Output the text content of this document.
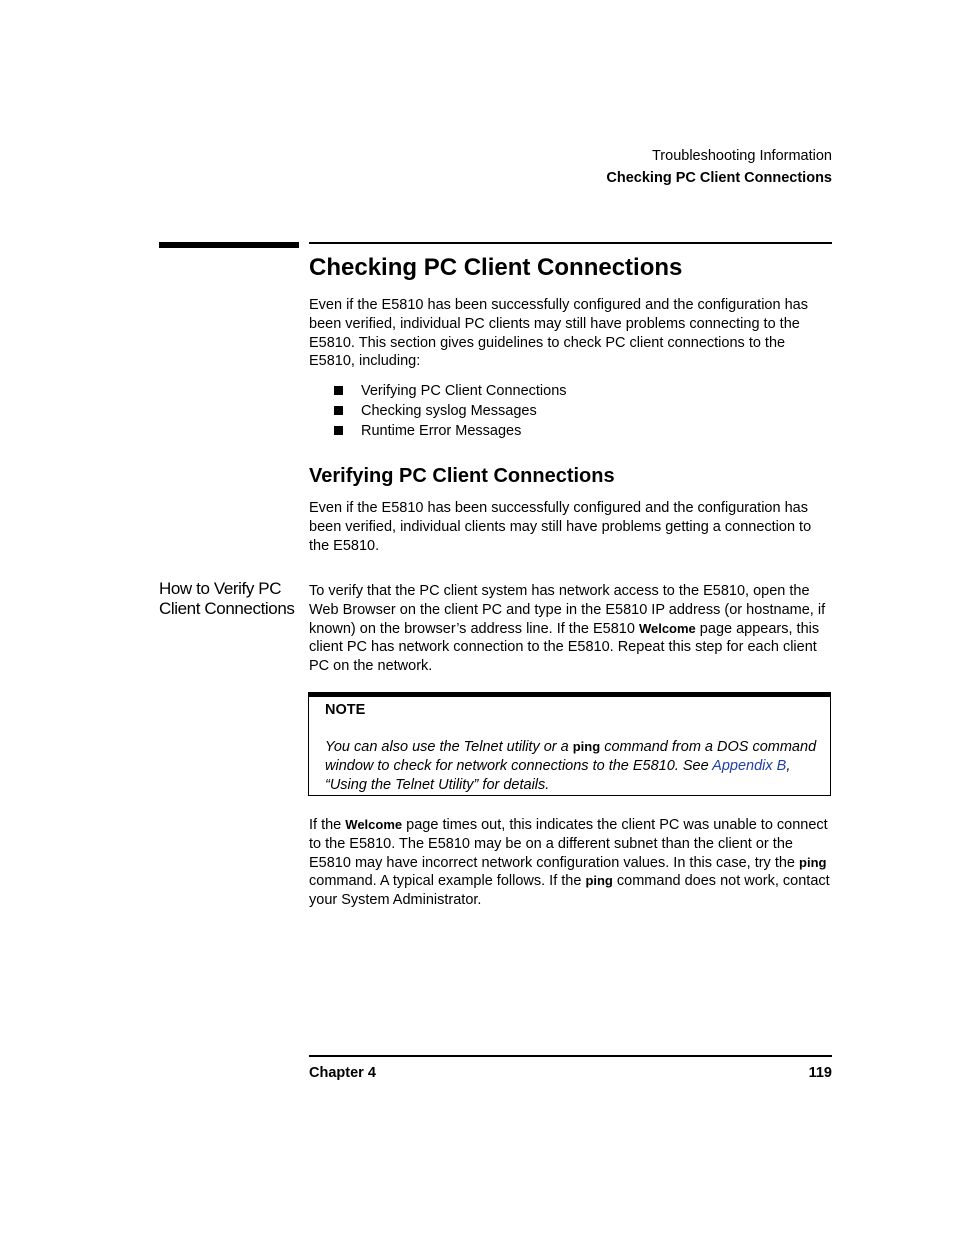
Troubleshooting Information
Checking PC Client Connections
Checking PC Client Connections

Even if the E5810 has been successfully configured and the configuration has been verified, individual PC clients may still have problems connecting to the E5810. This section gives guidelines to check PC client connections to the E5810, including:

Verifying PC Client Connections
Checking syslog Messages
Runtime Error Messages
Verifying PC Client Connections

Even if the E5810 has been successfully configured and the configuration has been verified, individual clients may still have problems getting a connection to the E5810.

How to Verify PC Client Connections

To verify that the PC client system has network access to the E5810, open the Web Browser on the client PC and type in the E5810 IP address (or hostname, if known) on the browser’s address line. If the E5810 Welcome page appears, this client PC has network connection to the E5810. Repeat this step for each client PC on the network.

NOTE
You can also use the Telnet utility or a ping command from a DOS command window to check for network connections to the E5810. See Appendix B, “Using the Telnet Utility” for details.

If the Welcome page times out, this indicates the client PC was unable to connect to the E5810. The E5810 may be on a different subnet than the client or the E5810 may have incorrect network configuration values. In this case, try the ping command. A typical example follows. If the ping command does not work, contact your System Administrator.

Chapter 4	119
